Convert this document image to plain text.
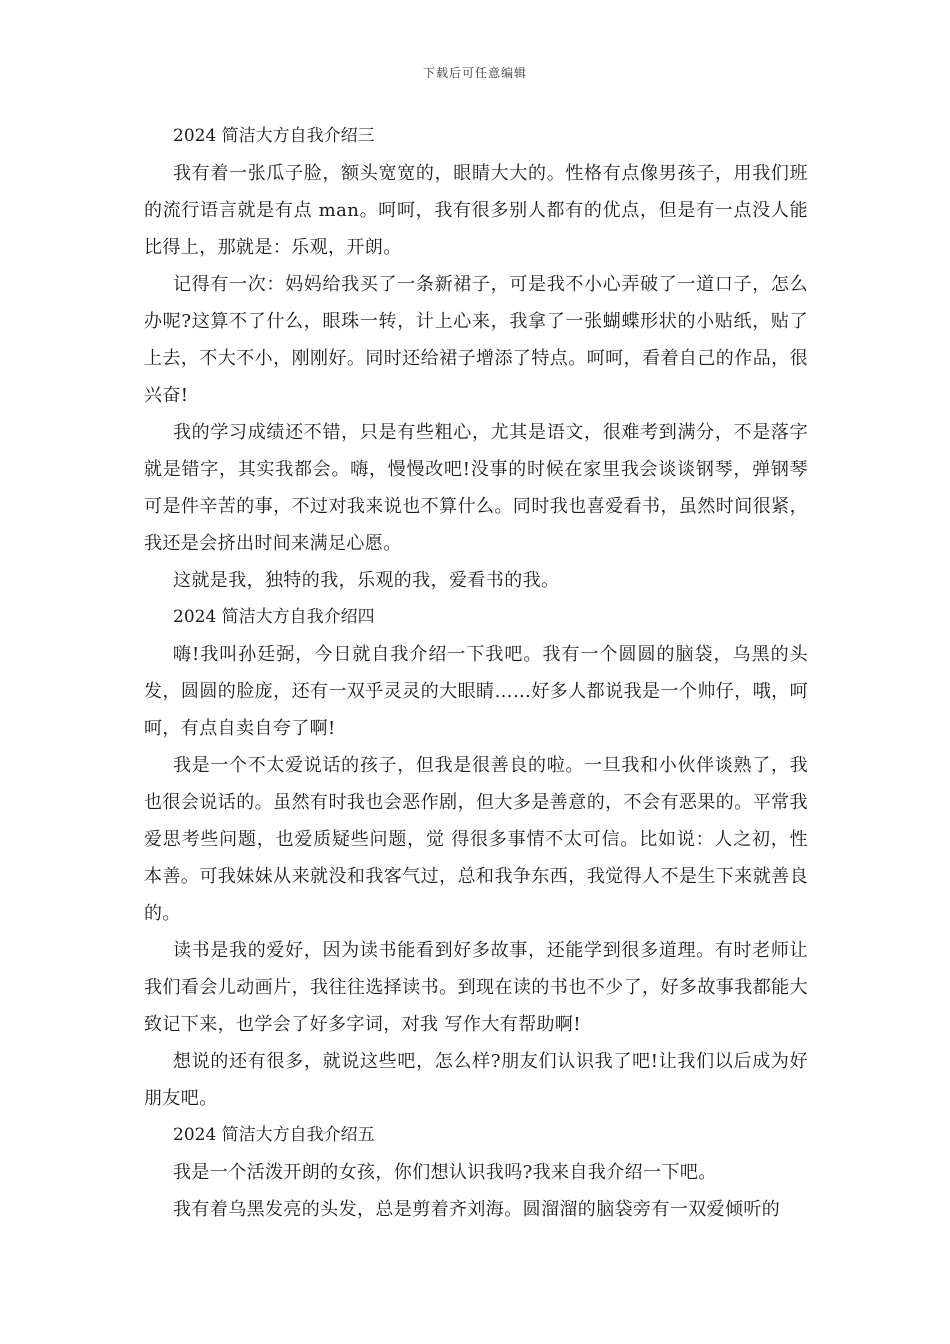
下载后可任意编辑

2024 简洁大方自我介绍三

我有着一张瓜子脸，额头宽宽的，眼睛大大的。性格有点像男孩子，用我们班的流行语言就是有点 man。呵呵，我有很多别人都有的优点，但是有一点没人能比得上，那就是：乐观，开朗。

记得有一次：妈妈给我买了一条新裙子，可是我不小心弄破了一道口子，怎么办呢?这算不了什么，眼珠一转，计上心来，我拿了一张蝴蝶形状的小贴纸，贴了上去，不大不小，刚刚好。同时还给裙子增添了特点。呵呵，看着自己的作品，很兴奋!

我的学习成绩还不错，只是有些粗心，尤其是语文，很难考到满分，不是落字就是错字，其实我都会。嗨，慢慢改吧!没事的时候在家里我会谈谈钢琴，弹钢琴可是件辛苦的事，不过对我来说也不算什么。同时我也喜爱看书，虽然时间很紧，我还是会挤出时间来满足心愿。

这就是我，独特的我，乐观的我，爱看书的我。

2024 简洁大方自我介绍四

嗨!我叫孙廷弼，今日就自我介绍一下我吧。我有一个圆圆的脑袋，乌黑的头发，圆圆的脸庞，还有一双乎灵灵的大眼睛……好多人都说我是一个帅仔，哦，呵呵，有点自卖自夸了啊!

我是一个不太爱说话的孩子，但我是很善良的啦。一旦我和小伙伴谈熟了，我也很会说话的。虽然有时我也会恶作剧，但大多是善意的，不会有恶果的。平常我爱思考些问题，也爱质疑些问题，觉 得很多事情不太可信。比如说：人之初，性本善。可我妹妹从来就没和我客气过，总和我争东西，我觉得人不是生下来就善良的。

读书是我的爱好，因为读书能看到好多故事，还能学到很多道理。有时老师让我们看会儿动画片，我往往选择读书。到现在读的书也不少了，好多故事我都能大致记下来，也学会了好多字词，对我 写作大有帮助啊!

想说的还有很多，就说这些吧，怎么样?朋友们认识我了吧!让我们以后成为好朋友吧。

2024 简洁大方自我介绍五

我是一个活泼开朗的女孩，你们想认识我吗?我来自我介绍一下吧。

我有着乌黑发亮的头发，总是剪着齐刘海。圆溜溜的脑袋旁有一双爱倾听的
